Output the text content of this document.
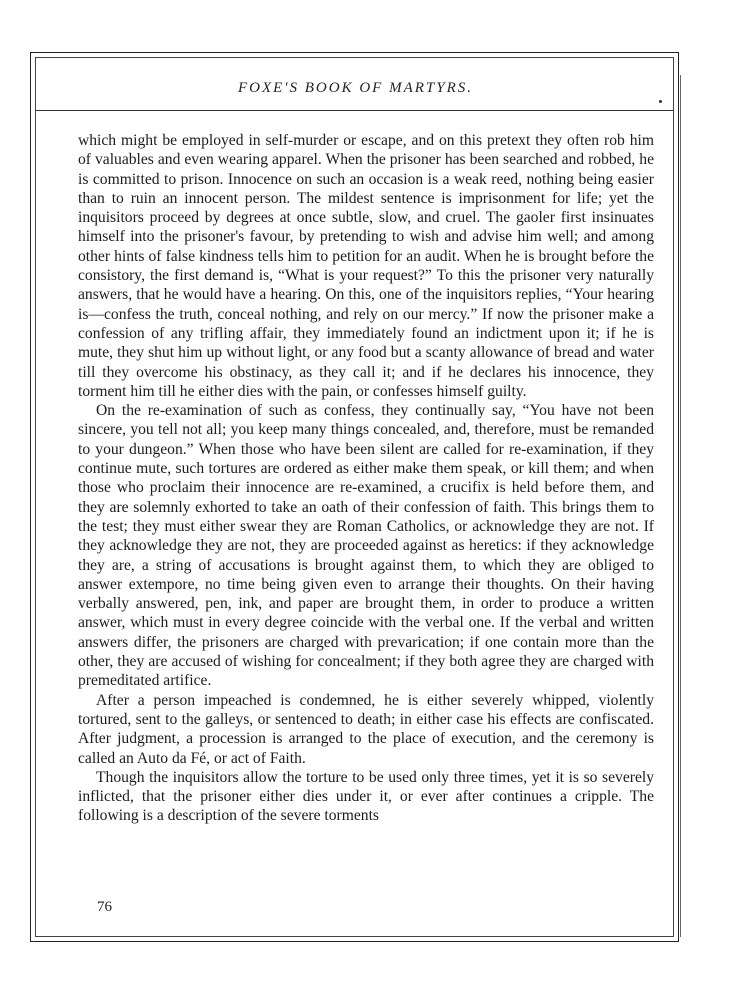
FOXE'S BOOK OF MARTYRS.

which might be employed in self-murder or escape, and on this pretext they often rob him of valuables and even wearing apparel. When the prisoner has been searched and robbed, he is committed to prison. Innocence on such an occasion is a weak reed, nothing being easier than to ruin an innocent person. The mildest sentence is imprisonment for life; yet the inquisitors proceed by degrees at once subtle, slow, and cruel. The gaoler first insinuates himself into the prisoner's favour, by pretending to wish and advise him well; and among other hints of false kindness tells him to petition for an audit. When he is brought before the consistory, the first demand is, “What is your request?” To this the prisoner very naturally answers, that he would have a hearing. On this, one of the inquisitors replies, “Your hearing is—confess the truth, conceal nothing, and rely on our mercy.” If now the prisoner make a confession of any trifling affair, they immediately found an indictment upon it; if he is mute, they shut him up without light, or any food but a scanty allowance of bread and water till they overcome his obstinacy, as they call it; and if he declares his innocence, they torment him till he either dies with the pain, or confesses himself guilty.

On the re-examination of such as confess, they continually say, “You have not been sincere, you tell not all; you keep many things concealed, and, therefore, must be remanded to your dungeon.” When those who have been silent are called for re-examination, if they continue mute, such tortures are ordered as either make them speak, or kill them; and when those who proclaim their innocence are re-examined, a crucifix is held before them, and they are solemnly exhorted to take an oath of their confession of faith. This brings them to the test; they must either swear they are Roman Catholics, or acknowledge they are not. If they acknowledge they are not, they are proceeded against as heretics: if they acknowledge they are, a string of accusations is brought against them, to which they are obliged to answer extempore, no time being given even to arrange their thoughts. On their having verbally answered, pen, ink, and paper are brought them, in order to produce a written answer, which must in every degree coincide with the verbal one. If the verbal and written answers differ, the prisoners are charged with prevarication; if one contain more than the other, they are accused of wishing for concealment; if they both agree they are charged with premeditated artifice.

After a person impeached is condemned, he is either severely whipped, violently tortured, sent to the galleys, or sentenced to death; in either case his effects are confiscated. After judgment, a procession is arranged to the place of execution, and the ceremony is called an Auto da Fé, or act of Faith.

Though the inquisitors allow the torture to be used only three times, yet it is so severely inflicted, that the prisoner either dies under it, or ever after continues a cripple. The following is a description of the severe torments

76
